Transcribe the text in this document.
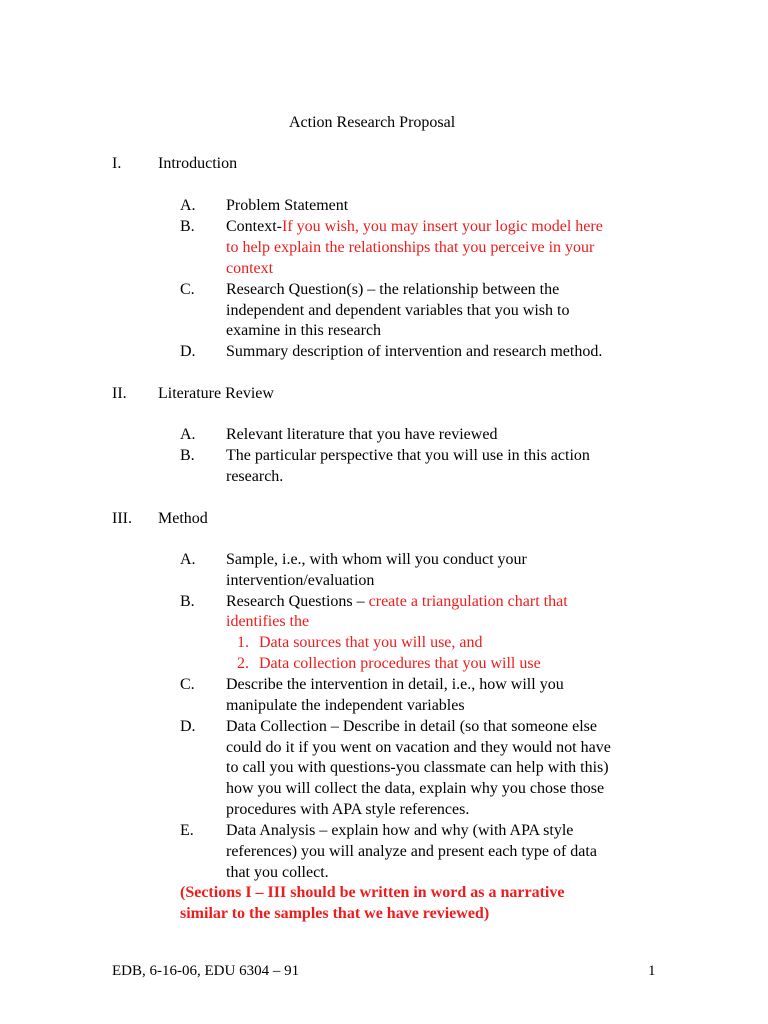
Action Research Proposal
I. Introduction
A. Problem Statement
B. Context-If you wish, you may insert your logic model here
to help explain the relationships that you perceive in your
context
C. Research Question(s) – the relationship between the
independent and dependent variables that you wish to
examine in this research
D. Summary description of intervention and research method.
II. Literature Review
A. Relevant literature that you have reviewed
B. The particular perspective that you will use in this action
research.
III. Method
A. Sample, i.e., with whom will you conduct your
intervention/evaluation
B. Research Questions – create a triangulation chart that
identifies the
1. Data sources that you will use, and
2. Data collection procedures that you will use
C. Describe the intervention in detail, i.e., how will you
manipulate the independent variables
D. Data Collection – Describe in detail (so that someone else
could do it if you went on vacation and they would not have
to call you with questions-you classmate can help with this)
how you will collect the data, explain why you chose those
procedures with APA style references.
E. Data Analysis – explain how and why (with APA style
references) you will analyze and present each type of data
that you collect.
(Sections I – III should be written in word as a narrative
similar to the samples that we have reviewed)
EDB, 6-16-06, EDU 6304 – 91	1
